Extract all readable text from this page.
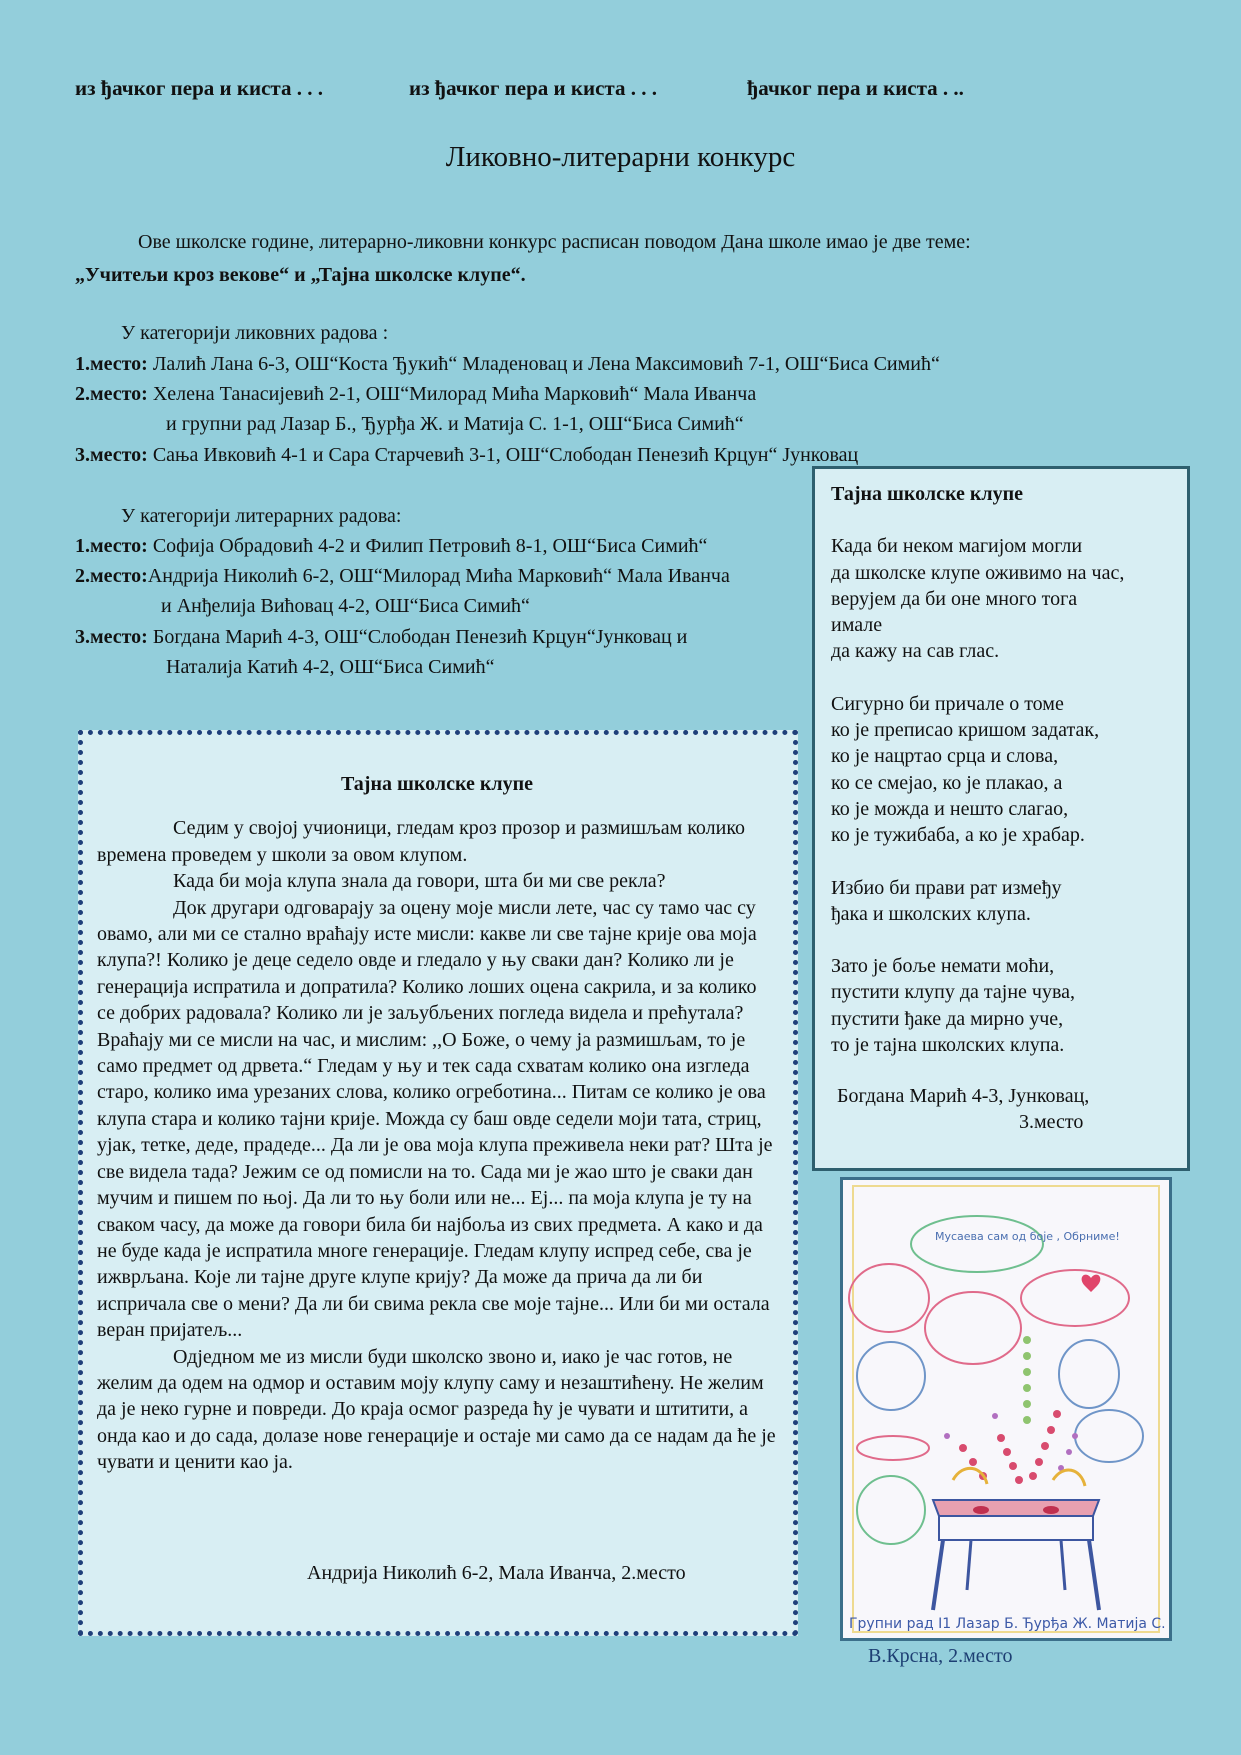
из ђачког пера и киста . . .	из ђачког пера и киста . . .	ђачког пера и киста . ..
Ликовно-литерарни конкурс
Ове школске године, литерарно-ликовни конкурс расписан поводом Дана школе имао је две теме:
„Учитељи кроз векове“ и „Тајна школске клупе“.
У категорији ликовних радова :
1.место: Лалић Лана 6-3, ОШ“Коста Ђукић“ Младеновац и Лена Максимовић 7-1, ОШ“Биса Симић“
2.место: Хелена Танасијевић 2-1, ОШ“Милорад Мића Марковић“ Мала Иванча
и групни рад Лазар Б., Ђурђа Ж. и Матија С. 1-1, ОШ“Биса Симић“
3.место: Сања Ивковић 4-1 и Сара Старчевић 3-1, ОШ“Слободан Пенезић Крцун“ Јунковац
У категорији литерарних радова:
1.место: Софија Обрадовић 4-2 и Филип Петровић 8-1, ОШ“Биса Симић“
2.место:Андрија Николић 6-2, ОШ“Милорад Мића Марковић“ Мала Иванча
и Анђелија Вићовац 4-2, ОШ“Биса Симић“
3.место: Богдана Марић 4-3, ОШ“Слободан Пенезић Крцун“Јунковац и
Наталија Катић 4-2, ОШ“Биса Симић“
Тајна школске клупе

Седим у својој учионици, гледам кроз прозор и размишљам колико времена проведем у школи за овом клупом.

Када би моја клупа знала да говори, шта би ми све рекла?

Док другари одговарају за оцену моје мисли лете, час су тамо час су овамо, али ми се стално враћају исте мисли: какве ли све тајне крије ова моја клупа?! Колико је деце седело овде и гледало у њу сваки дан? Колико ли је генерација испратила и допратила? Колико лоших оцена сакрила, и за колико се добрих радовала? Колико ли је заљубљених погледа видела и прећутала? Враћају ми се мисли на час, и мислим: ,,О Боже, о чему ја размишљам, то је само предмет од дрвета.“ Гледам у њу и тек сада схватам колико она изгледа старо, колико има урезаних слова, колико огреботина... Питам се колико је ова клупа стара и колико тајни крије. Можда су баш овде седели моји тата, стриц, ујак, тетке, деде, прадеде... Да ли је ова моја клупа преживела неки рат? Шта је све видела тада? Јежим се од помисли на то. Сада ми је жао што је сваки дан мучим и пишем по њој. Да ли то њу боли или не... Еј... па моја клупа је ту на сваком часу, да може да говори била би најбоља из свих предмета. А како и да не буде када је испратила многе генерације. Гледам клупу испред себе, сва је ижврљана. Које ли тајне друге клупе крију? Да може да прича да ли би испричала све о мени? Да ли би свима рекла све моје тајне... Или би ми остала веран пријатељ...

Одједном ме из мисли буди школско звоно и, иако је час готов, не желим да одем на одмор и оставим моју клупу саму и незаштићену. Не желим да је неко гурне и повреди. До краја осмог разреда ћу је чувати и штитити, а онда као и до сада, долазе нове генерације и остаје ми само да се надам да ће је чувати и ценити као ја.

Андрија Николић 6-2, Мала Иванча, 2.место
Тајна школске клупе
Када би неком магијом могли
да школске клупе оживимо на час,
верујем да би оне много тога
имале
да кажу на сав глас.
Сигурно би причале о томе
ко је преписао кришом задатак,
ко је нацртао срца и слова,
ко се смејао, ко је плакао, а
ко је можда и нешто слагао,
ко је тужибаба, а ко је храбар.
Избио би прави рат између
ђака и школских клупа.
Зато је боље немати моћи,
пустити клупу да тајне чува,
пустити ђаке да мирно уче,
то је тајна школских клупа.
Богдана Марић 4-3, Јунковац,
3.место
Мусаева сам од боје , Обрниме!
Групни рад I1 Лазар Б. Ђурђа Ж. Матија С.
В.Крсна, 2.место
